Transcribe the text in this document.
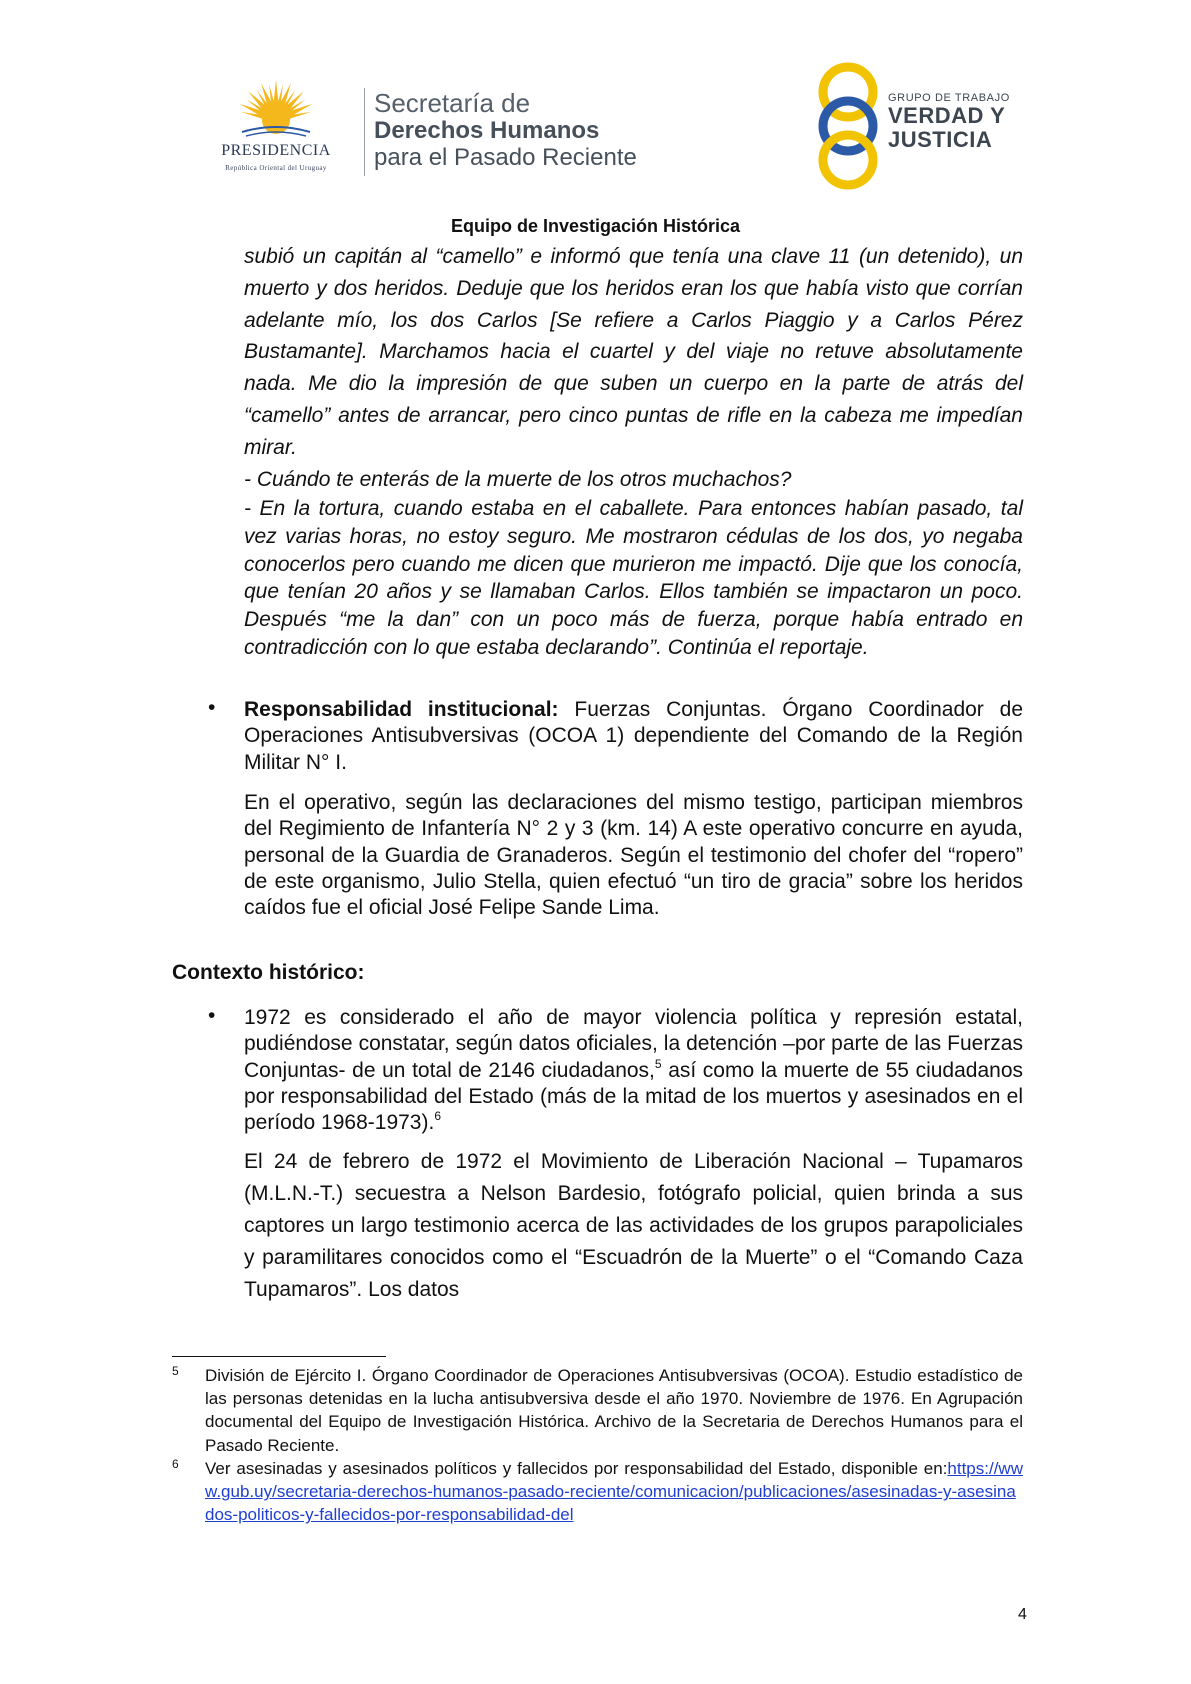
PRESIDENCIA
República Oriental del Uruguay
Secretaría de
Derechos Humanos
para el Pasado Reciente
GRUPO DE TRABAJO
VERDAD Y
JUSTICIA
Equipo de Investigación Histórica
subió un capitán al “camello” e informó que tenía una clave 11 (un detenido), un muerto y dos heridos. Deduje que los heridos eran los que había visto que corrían adelante mío, los dos Carlos [Se refiere a Carlos Piaggio y a Carlos Pérez Bustamante]. Marchamos hacia el cuartel y del viaje no retuve absolutamente nada. Me dio la impresión de que suben un cuerpo en la parte de atrás del “camello” antes de arrancar, pero cinco puntas de rifle en la cabeza me impedían mirar.
- Cuándo te enterás de la muerte de los otros muchachos?
- En la tortura, cuando estaba en el caballete. Para entonces habían pasado, tal vez varias horas, no estoy seguro. Me mostraron cédulas de los dos, yo negaba conocerlos pero cuando me dicen que murieron me impactó. Dije que los conocía, que tenían 20 años y se llamaban Carlos. Ellos también se impactaron un poco. Después “me la dan” con un poco más de fuerza, porque había entrado en contradicción con lo que estaba declarando”. Continúa el reportaje.
• Responsabilidad institucional: Fuerzas Conjuntas. Órgano Coordinador de Operaciones Antisubversivas (OCOA 1) dependiente del Comando de la Región Militar N° I.
En el operativo, según las declaraciones del mismo testigo, participan miembros del Regimiento de Infantería N° 2 y 3 (km. 14) A este operativo concurre en ayuda, personal de la Guardia de Granaderos. Según el testimonio del chofer del “ropero” de este organismo, Julio Stella, quien efectuó “un tiro de gracia” sobre los heridos caídos fue el oficial José Felipe Sande Lima.
Contexto histórico:
• 1972 es considerado el año de mayor violencia política y represión estatal, pudiéndose constatar, según datos oficiales, la detención –por parte de las Fuerzas Conjuntas- de un total de 2146 ciudadanos,$^5$ así como la muerte de 55 ciudadanos por responsabilidad del Estado (más de la mitad de los muertos y asesinados en el período 1968-1973).$^6$
El 24 de febrero de 1972 el Movimiento de Liberación Nacional – Tupamaros (M.L.N.-T.) secuestra a Nelson Bardesio, fotógrafo policial, quien brinda a sus captores un largo testimonio acerca de las actividades de los grupos parapoliciales y paramilitares conocidos como el “Escuadrón de la Muerte” o el “Comando Caza Tupamaros”. Los datos
5 División de Ejército I. Órgano Coordinador de Operaciones Antisubversivas (OCOA). Estudio estadístico de las personas detenidas en la lucha antisubversiva desde el año 1970. Noviembre de 1976. En Agrupación documental del Equipo de Investigación Histórica. Archivo de la Secretaria de Derechos Humanos para el Pasado Reciente.
6 Ver asesinadas y asesinados políticos y fallecidos por responsabilidad del Estado, disponible en:https://www.gub.uy/secretaria-derechos-humanos-pasado-reciente/comunicacion/publicaciones/asesinadas-y-asesinados-politicos-y-fallecidos-por-responsabilidad-del
4
